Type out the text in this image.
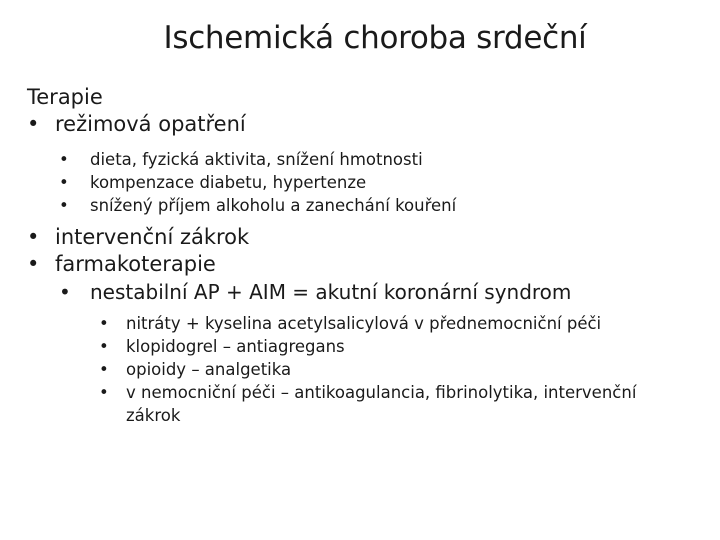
Ischemická choroba srdeční
Terapie
• režimová opatření
• dieta, fyzická aktivita, snížení hmotnosti
• kompenzace diabetu, hypertenze
• snížený příjem alkoholu a zanechání kouření
• intervenční zákrok
• farmakoterapie
• nestabilní AP + AIM = akutní koronární syndrom
• nitráty + kyselina acetylsalicylová v přednemocniční péči
• klopidogrel – antiagregans
• opioidy – analgetika
• v nemocniční péči – antikoagulancia, fibrinolytika, intervenční zákrok
